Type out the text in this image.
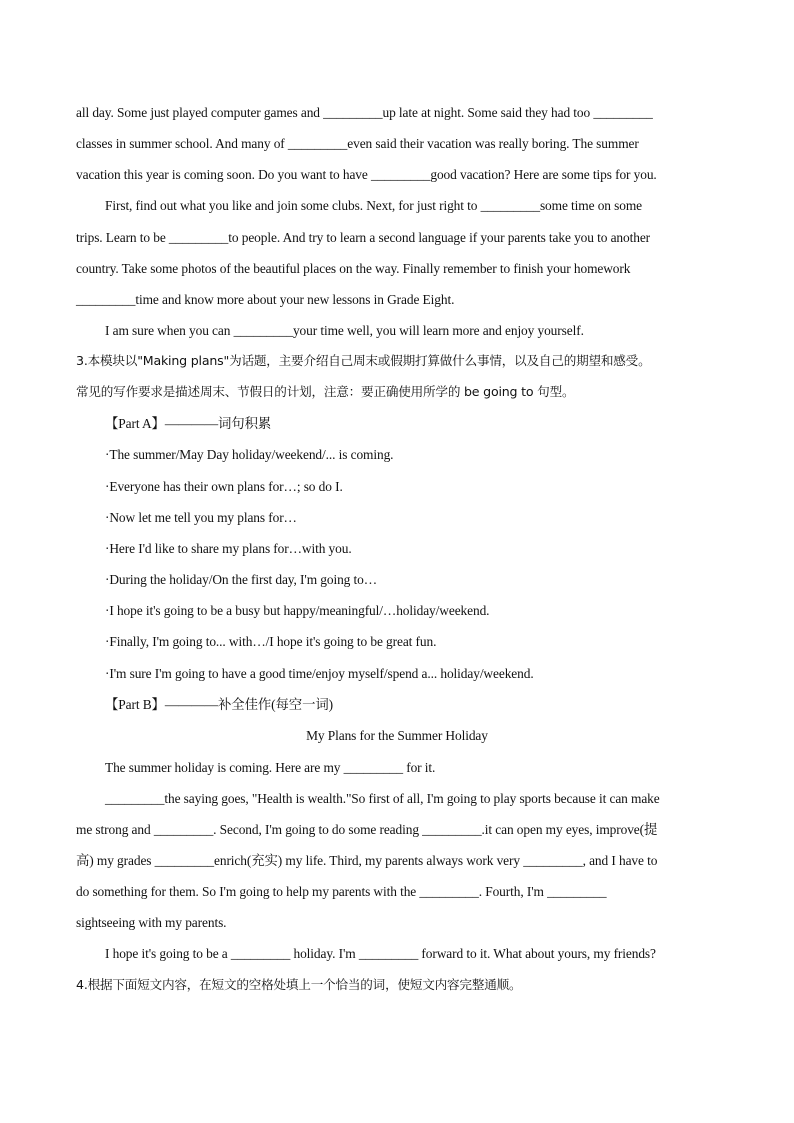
all day. Some just played computer games and _________up late at night. Some said they had too _________
classes in summer school. And many of _________even said their vacation was really boring. The summer
vacation this year is coming soon. Do you want to have _________good vacation? Here are some tips for you.
First, find out what you like and join some clubs. Next, for just right to _________some time on some
trips. Learn to be _________to people. And try to learn a second language if your parents take you to another
country. Take some photos of the beautiful places on the way. Finally remember to finish your homework
_________time and know more about your new lessons in Grade Eight.
I am sure when you can _________your time well, you will learn more and enjoy yourself.
3.本模块以"Making plans"为话题，主要介绍自己周末或假期打算做什么事情，以及自己的期望和感受。
常见的写作要求是描述周末、节假日的计划，注意：要正确使用所学的 be going to 句型。
【Part A】————词句积累
·The summer/May Day holiday/weekend/... is coming.
·Everyone has their own plans for…; so do I.
·Now let me tell you my plans for…
·Here I'd like to share my plans for…with you.
·During the holiday/On the first day, I'm going to…
·I hope it's going to be a busy but happy/meaningful/…holiday/weekend.
·Finally, I'm going to... with…/I hope it's going to be great fun.
·I'm sure I'm going to have a good time/enjoy myself/spend a... holiday/weekend.
【Part B】————补全佳作(每空一词)
My Plans for the Summer Holiday
The summer holiday is coming. Here are my _________ for it.
_________the saying goes, "Health is wealth."So first of all, I'm going to play sports because it can make
me strong and _________. Second, I'm going to do some reading _________.it can open my eyes, improve(提
高) my grades _________enrich(充实) my life. Third, my parents always work very _________, and I have to
do something for them. So I'm going to help my parents with the _________. Fourth, I'm _________
sightseeing with my parents.
I hope it's going to be a _________ holiday. I'm _________ forward to it. What about yours, my friends?
4.根据下面短文内容，在短文的空格处填上一个恰当的词，使短文内容完整通顺。
